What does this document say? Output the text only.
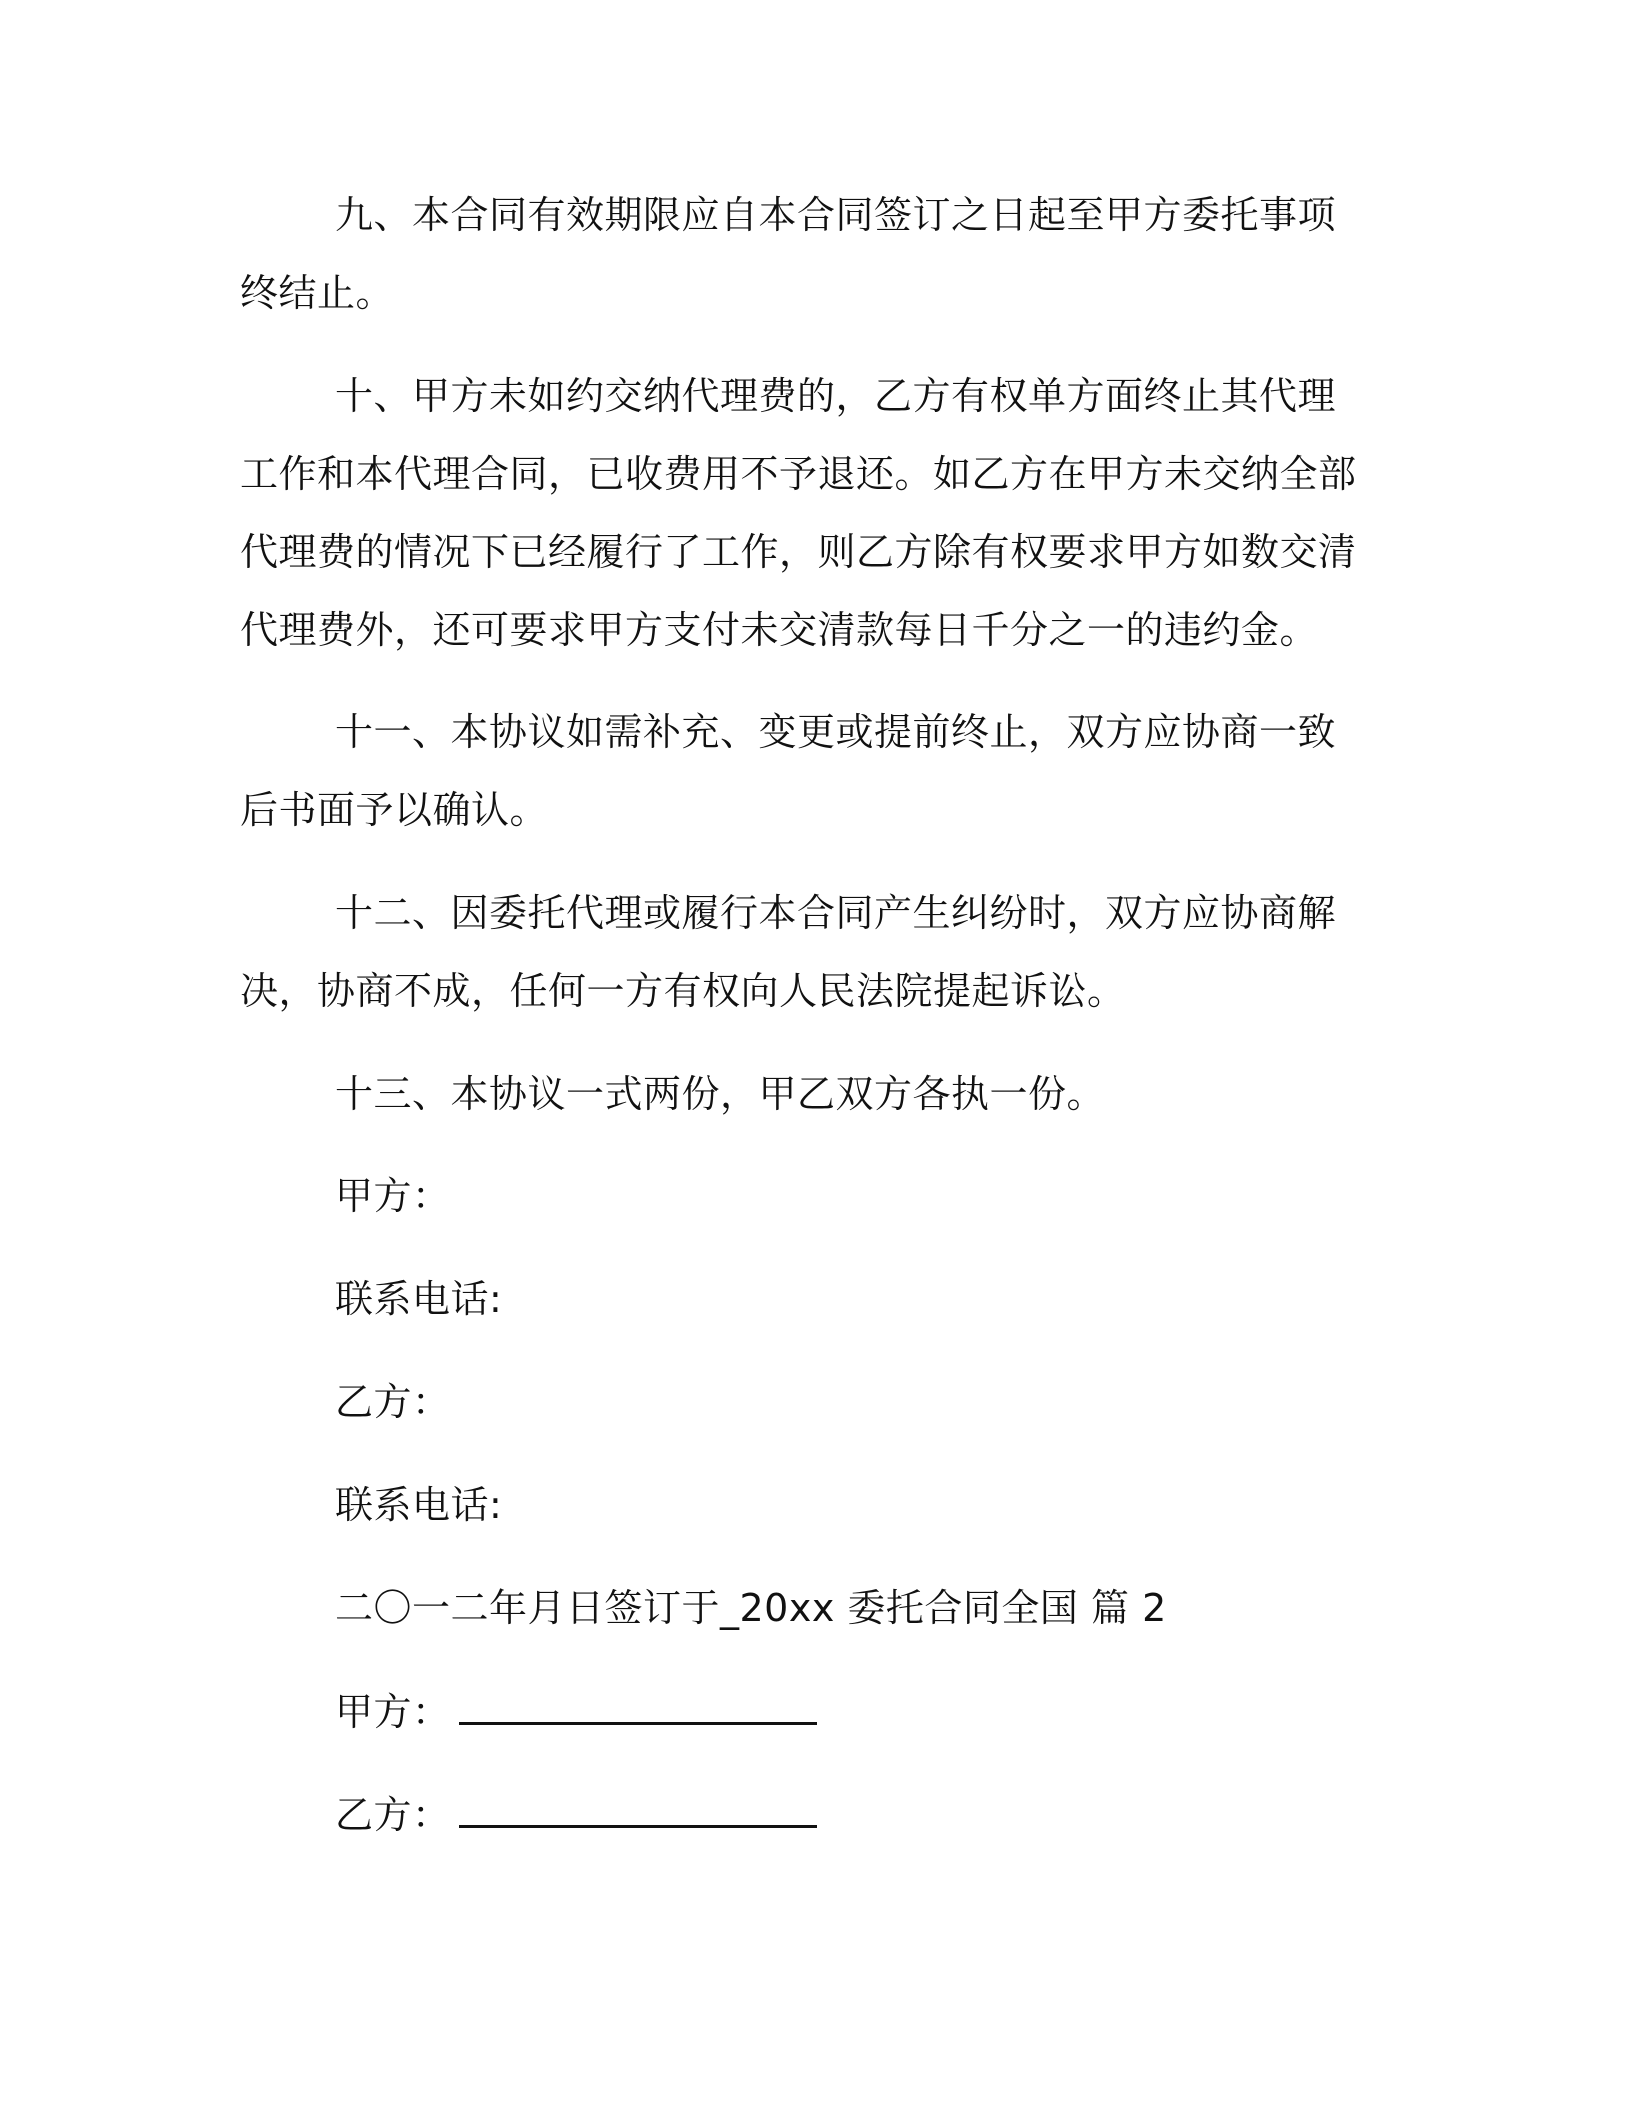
九、本合同有效期限应自本合同签订之日起至甲方委托事项终结止。
十、甲方未如约交纳代理费的，乙方有权单方面终止其代理工作和本代理合同，已收费用不予退还。如乙方在甲方未交纳全部代理费的情况下已经履行了工作，则乙方除有权要求甲方如数交清代理费外，还可要求甲方支付未交清款每日千分之一的违约金。
十一、本协议如需补充、变更或提前终止，双方应协商一致后书面予以确认。
十二、因委托代理或履行本合同产生纠纷时，双方应协商解决，协商不成，任何一方有权向人民法院提起诉讼。
十三、本协议一式两份，甲乙双方各执一份。
甲方：
联系电话:
乙方：
联系电话:
二〇一二年月日签订于_20xx 委托合同全国 篇 2
甲方：
乙方：
